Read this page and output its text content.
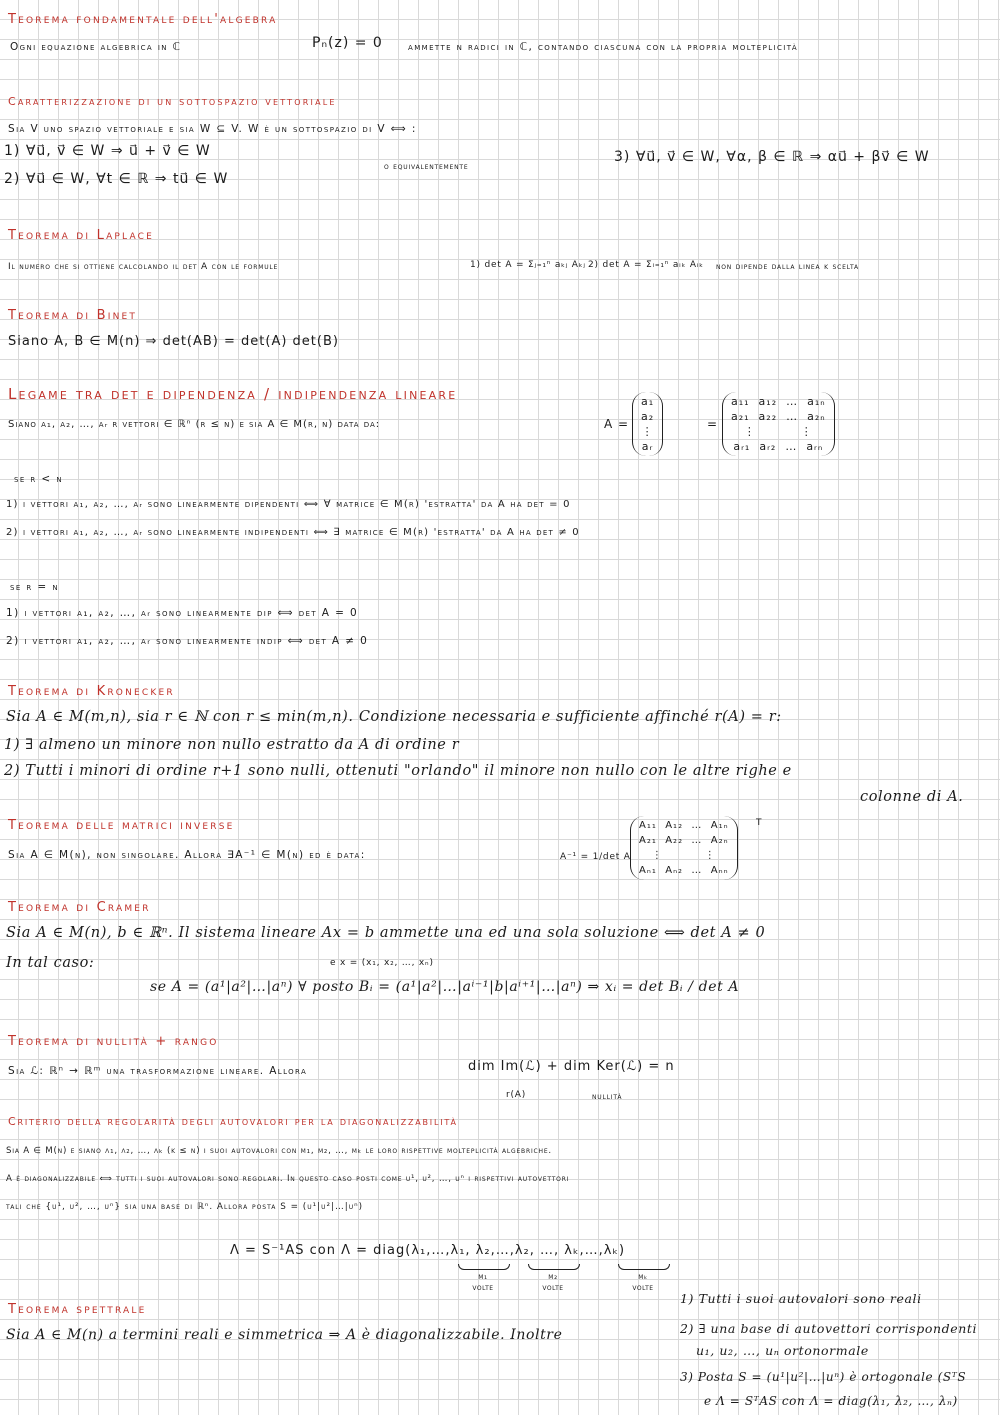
Teorema fondamentale dell'algebra
Ogni equazione algebrica in ℂ	Pₙ(z) = 0 ammette n radici in ℂ, contando ciascuna con la propria molteplicità
Caratterizzazione di un sottospazio vettoriale
Sia V uno spazio vettoriale e sia W ⊆ V. W è un sottospazio di V ⟺ :
1) ∀u⃗, v⃗ ∈ W ⇒ u⃗ + v⃗ ∈ W
2) ∀u⃗ ∈ W, ∀t ∈ ℝ ⇒ tu⃗ ∈ W
o equivalentemente
3) ∀u⃗, v⃗ ∈ W, ∀α, β ∈ ℝ ⇒ αu⃗ + βv⃗ ∈ W
Teorema di Laplace
Il numero che si ottiene calcolando il det A con le formule	1) det A = Σⱼ₌₁ⁿ aₖⱼ Aₖⱼ 2) det A = Σᵢ₌₁ⁿ aᵢₖ Aᵢₖ non dipende dalla linea k scelta
Teorema di Binet
Siano A, B ∈ M(n) ⇒ det(AB) = det(A) det(B)
Legame tra det e dipendenza / indipendenza lineare
Siano a₁, a₂, …, aᵣ r vettori ∈ ℝⁿ (r ≤ n) e sia A ∈ M(r, n) data da:	A =
a₁
a₂
⋮
aᵣ
=
a₁₁  a₁₂  …  a₁ₙ
a₂₁  a₂₂  …  a₂ₙ
⋮          ⋮
aᵣ₁  aᵣ₂  …  aᵣₙ
se r < n
1) i vettori a₁, a₂, …, aᵣ sono linearmente dipendenti ⟺ ∀ matrice ∈ M(r) 'estratta' da A ha det = 0
2) i vettori a₁, a₂, …, aᵣ sono linearmente indipendenti ⟺ ∃ matrice ∈ M(r) 'estratta' da A ha det ≠ 0
se r = n
1) i vettori a₁, a₂, …, aᵣ sono linearmente dip ⟺ det A = 0
2) i vettori a₁, a₂, …, aᵣ sono linearmente indip ⟺ det A ≠ 0
Teorema di Kronecker
Sia A ∈ M(m,n), sia r ∈ ℕ con r ≤ min(m,n). Condizione necessaria e sufficiente affinché r(A) = r:
1) ∃ almeno un minore non nullo estratto da A di ordine r
2) Tutti i minori di ordine r+1 sono nulli, ottenuti "orlando" il minore non nullo con le altre righe e
colonne di A.
Teorema delle matrici inverse
Sia A ∈ M(n), non singolare. Allora ∃A⁻¹ ∈ M(n) ed è data:	A⁻¹ = 1/det A
A₁₁  A₁₂  …  A₁ₙ
A₂₁  A₂₂  …  A₂ₙ
⋮          ⋮
Aₙ₁  Aₙ₂  …  Aₙₙ
T
Teorema di Cramer
Sia A ∈ M(n), b ∈ ℝⁿ. Il sistema lineare Ax = b ammette una ed una sola soluzione ⟺ det A ≠ 0
In tal caso:	e x = (x₁, x₂, …, xₙ)
se A = (a¹|a²|…|aⁿ) ∀ posto Bᵢ = (a¹|a²|…|aⁱ⁻¹|b|aⁱ⁺¹|…|aⁿ) ⇒ xᵢ = det Bᵢ / det A
Teorema di nullità + rango
Sia ℒ: ℝⁿ → ℝᵐ una trasformazione lineare. Allora	dim Im(ℒ) + dim Ker(ℒ) = n
r(A)	nullità
Criterio della regolarità degli autovalori per la diagonalizzabilità
Sia A ∈ M(n) e siano λ₁, λ₂, …, λₖ (k ≤ n) i suoi autovalori con m₁, m₂, …, mₖ le loro rispettive molteplicità algebriche.
A è diagonalizzabile ⟺ tutti i suoi autovalori sono regolari. In questo caso posti come u¹, u², …, uⁿ i rispettivi autovettori
tali che {u¹, u², …, uⁿ} sia una base di ℝⁿ. Allora posta S = (u¹|u²|…|uⁿ)
Λ = S⁻¹AS con Λ = diag(λ₁,…,λ₁, λ₂,…,λ₂, …, λₖ,…,λₖ)
m₁	m₂	mₖ
volte	volte	volte
Teorema spettrale
Sia A ∈ M(n) a termini reali e simmetrica ⇒ A è diagonalizzabile. Inoltre
1) Tutti i suoi autovalori sono reali
2) ∃ una base di autovettori corrispondenti
u₁, u₂, …, uₙ ortonormale
3) Posta S = (u¹|u²|…|uⁿ) è ortogonale (SᵀS
e Λ = SᵀAS con Λ = diag(λ₁, λ₂, …, λₙ)
